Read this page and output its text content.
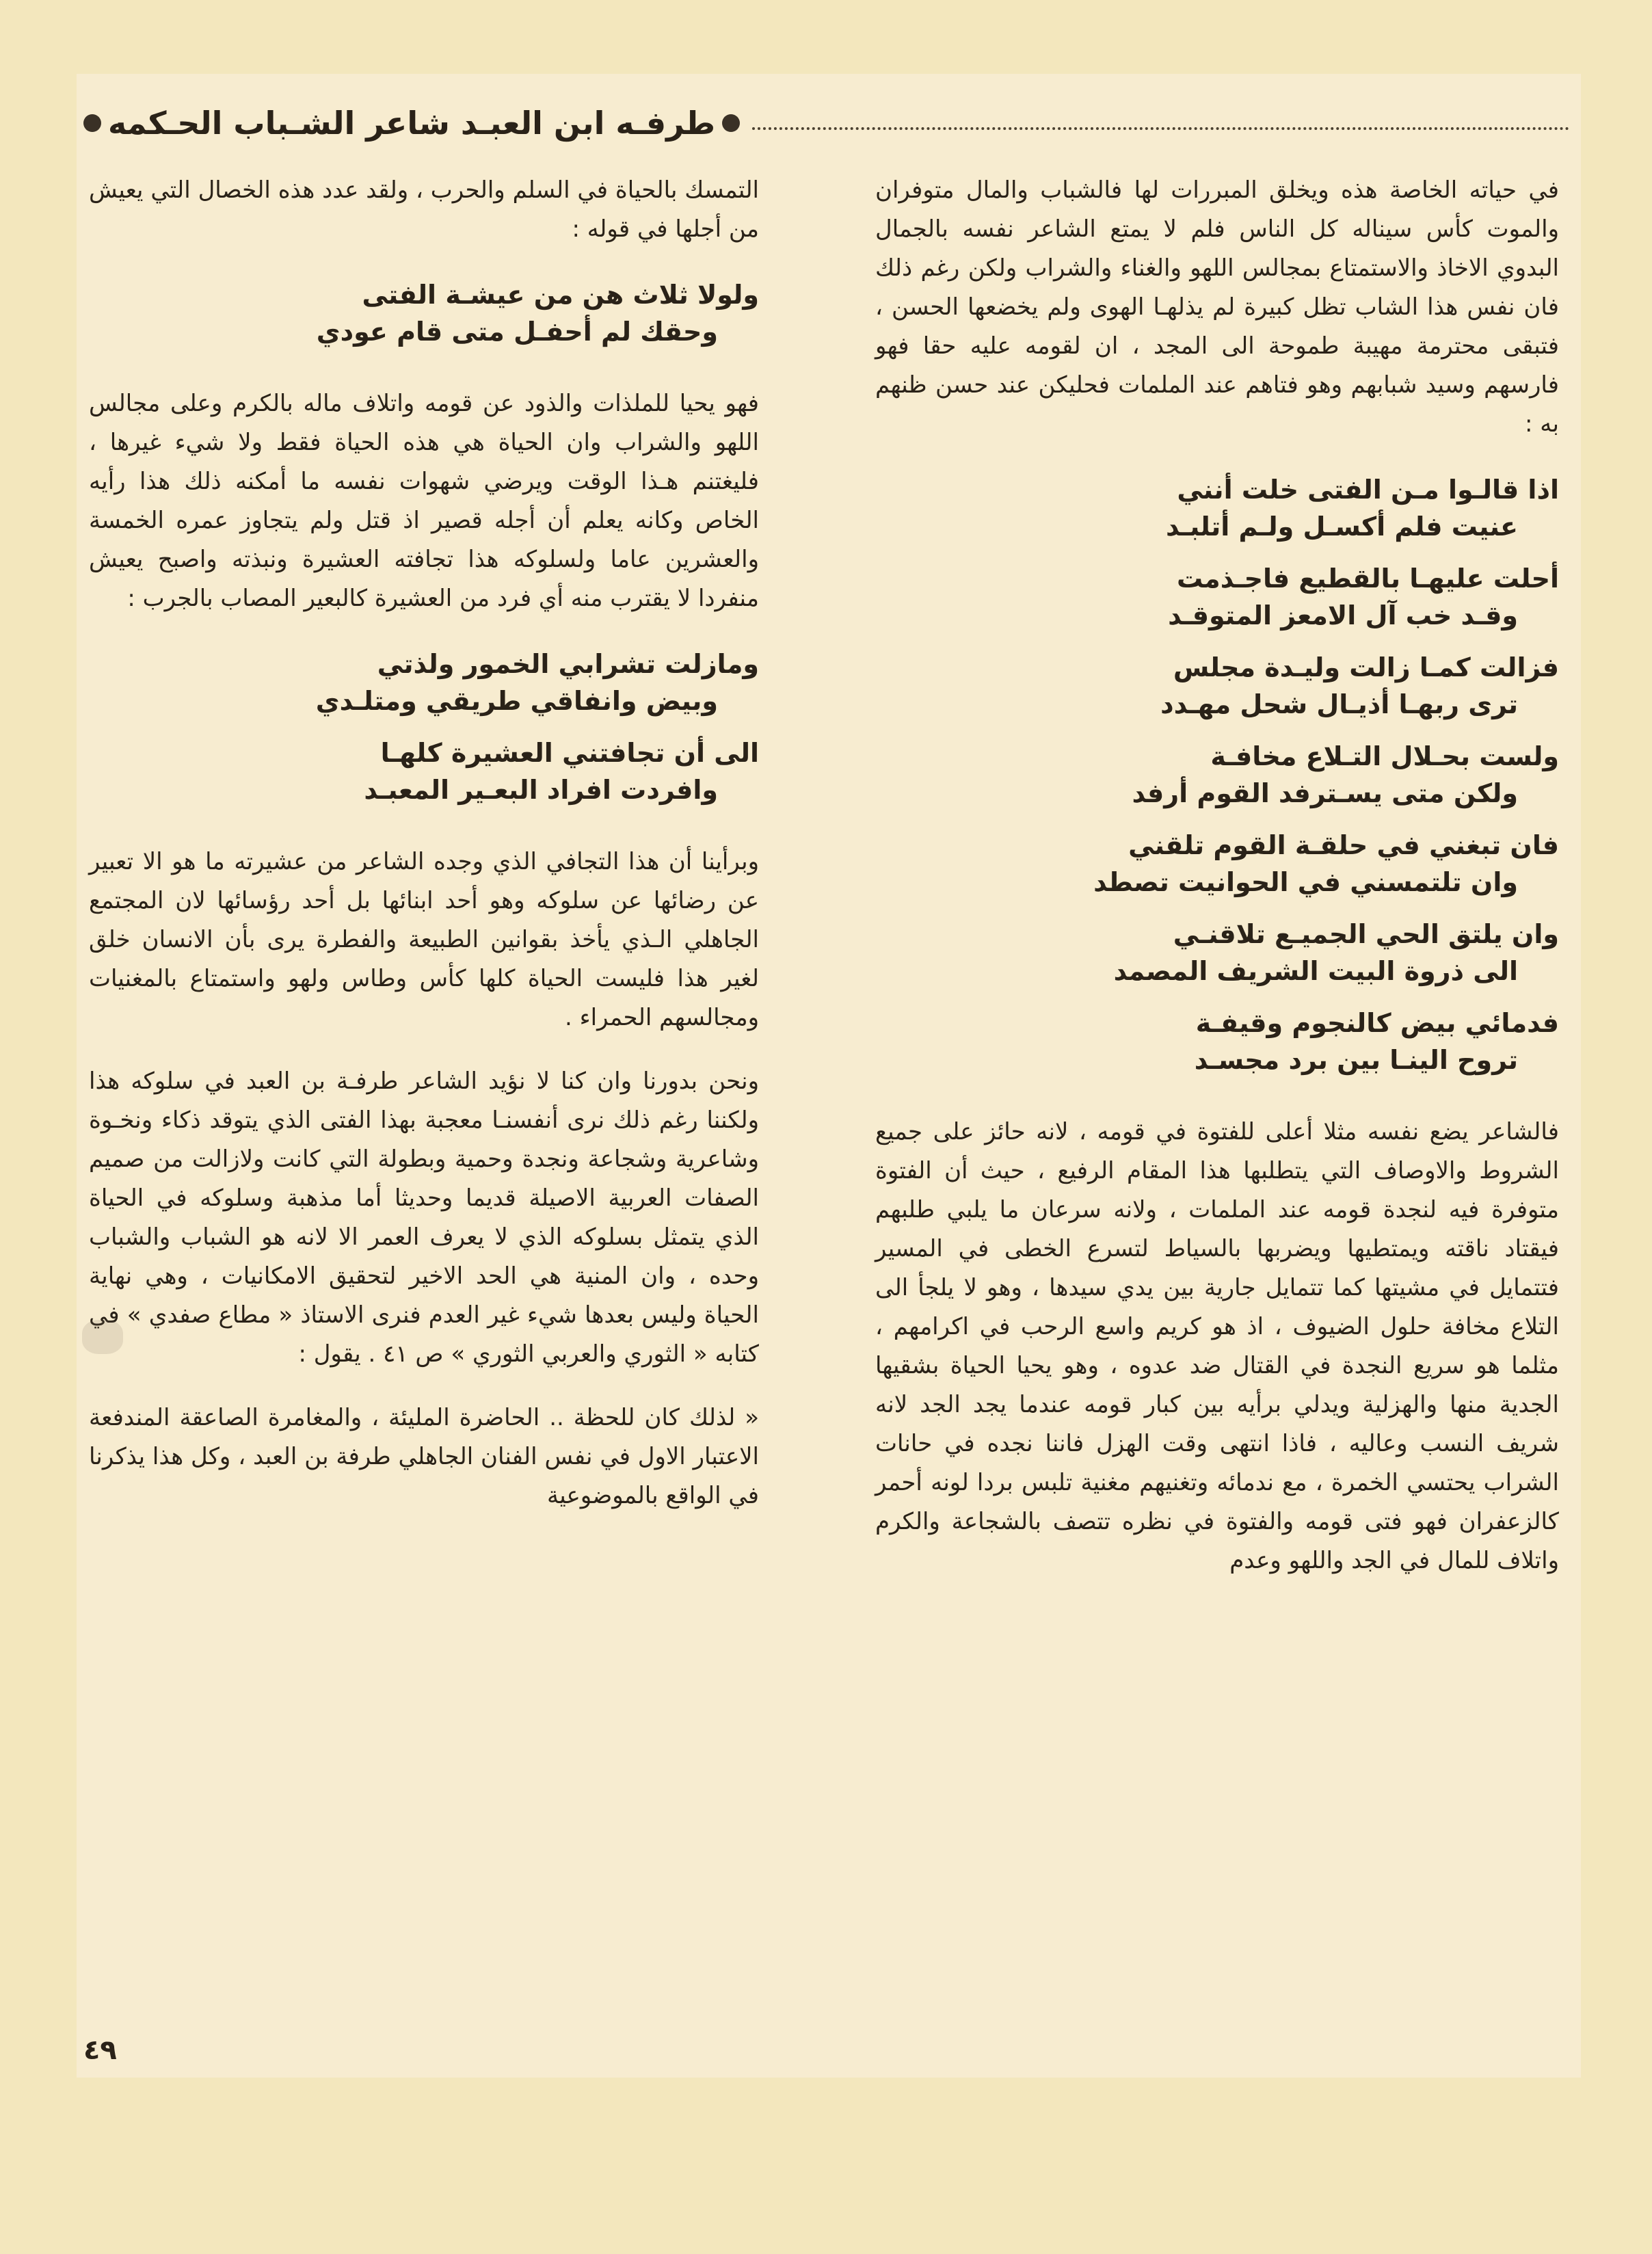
طرفـه ابن العبـد شاعر الشـباب الحـكمه

في حياته الخاصة هذه ويخلق المبررات لها فالشباب والمال متوفران والموت كأس سيناله كل الناس فلم لا يمتع الشاعر نفسه بالجمال البدوي الاخاذ والاستمتاع بمجالس اللهو والغناء والشراب ولكن رغم ذلك فان نفس هذا الشاب تظل كبيرة لم يذلهـا الهوى ولم يخضعها الحسن ، فتبقى محترمة مهيبة طموحة الى المجد ، ان لقومه عليه حقا فهو فارسهم وسيد شبابهم وهو فتاهم عند الملمات فحليكن عند حسن ظنهم به :

اذا قالـوا مـن الفتى خلت أنني
عنيت فلم أكسـل ولـم أتلبـد
أحلت عليهـا بالقطيع فاجـذمت
وقـد خب آل الامعز المتوقـد
فزالت كمـا زالت وليـدة مجلس
ترى ربهـا أذيـال شحل مهـدد
ولست بحـلال التـلاع مخافـة
ولكن متى يسـترفد القوم أرفد
فان تبغني في حلقـة القوم تلقني
وان تلتمسني في الحوانيت تصطد
وان يلتق الحي الجميـع تلاقنـي
الى ذروة البيت الشريف المصمد
فدمائي بيض كالنجوم وقيفـة
تروح الينـا بين برد مجسـد

فالشاعر يضع نفسه مثلا أعلى للفتوة في قومه ، لانه حائز على جميع الشروط والاوصاف التي يتطلبها هذا المقام الرفيع ، حيث أن الفتوة متوفرة فيه لنجدة قومه عند الملمات ، ولانه سرعان ما يلبي طلبهم فيقتاد ناقته ويمتطيها ويضربها بالسياط لتسرع الخطى في المسير فتتمايل في مشيتها كما تتمايل جارية بين يدي سيدها ، وهو لا يلجأ الى التلاع مخافة حلول الضيوف ، اذ هو كريم واسع الرحب في اكرامهم ، مثلما هو سريع النجدة في القتال ضد عدوه ، وهو يحيا الحياة بشقيها الجدية منها والهزلية ويدلي برأيه بين كبار قومه عندما يجد الجد لانه شريف النسب وعاليه ، فاذا انتهى وقت الهزل فاننا نجده في حانات الشراب يحتسي الخمرة ، مع ندمائه وتغنيهم مغنية تلبس بردا لونه أحمر كالزعفران فهو فتى قومه والفتوة في نظره تتصف بالشجاعة والكرم واتلاف للمال في الجد واللهو وعدم

التمسك بالحياة في السلم والحرب ، ولقد عدد هذه الخصال التي يعيش من أجلها في قوله :

ولولا ثلاث هن من عيشـة الفتى
وحقك لم أحفـل متى قام عودي

فهو يحيا للملذات والذود عن قومه واتلاف ماله بالكرم وعلى مجالس اللهو والشراب وان الحياة هي هذه الحياة فقط ولا شيء غيرها ، فليغتنم هـذا الوقت ويرضي شهوات نفسه ما أمكنه ذلك هذا رأيه الخاص وكانه يعلم أن أجله قصير اذ قتل ولم يتجاوز عمره الخمسة والعشرين عاما ولسلوكه هذا تجافته العشيرة ونبذته واصبح يعيش منفردا لا يقترب منه أي فرد من العشيرة كالبعير المصاب بالجرب :

ومازلت تشرابي الخمور ولذتي
وبيض وانفاقي طريقي ومتلـدي
الى أن تجافتني العشيرة كلهـا
وافردت افراد البعـير المعبـد

وبرأينا أن هذا التجافي الذي وجده الشاعر من عشيرته ما هو الا تعبير عن رضائها عن سلوكه وهو أحد ابنائها بل أحد رؤسائها لان المجتمع الجاهلي الـذي يأخذ بقوانين الطبيعة والفطرة يرى بأن الانسان خلق لغير هذا فليست الحياة كلها كأس وطاس ولهو واستمتاع بالمغنيات ومجالسهم الحمراء .

ونحن بدورنا وان كنا لا نؤيد الشاعر طرفـة بن العبد في سلوكه هذا ولكننا رغم ذلك نرى أنفسنـا معجبة بهذا الفتى الذي يتوقد ذكاء ونخـوة وشاعرية وشجاعة ونجدة وحمية وبطولة التي كانت ولازالت من صميم الصفات العربية الاصيلة قديما وحديثا أما مذهبة وسلوكه في الحياة الذي يتمثل بسلوكه الذي لا يعرف العمر الا لانه هو الشباب والشباب وحده ، وان المنية هي الحد الاخير لتحقيق الامكانيات ، وهي نهاية الحياة وليس بعدها شيء غير العدم فنرى الاستاذ « مطاع صفدي » في كتابه « الثوري والعربي الثوري » ص ٤١ . يقول :

« لذلك كان للحظة .. الحاضرة المليئة ، والمغامرة الصاعقة المندفعة الاعتبار الاول في نفس الفنان الجاهلي طرفة بن العبد ، وكل هذا يذكرنا في الواقع بالموضوعية

٤٩
